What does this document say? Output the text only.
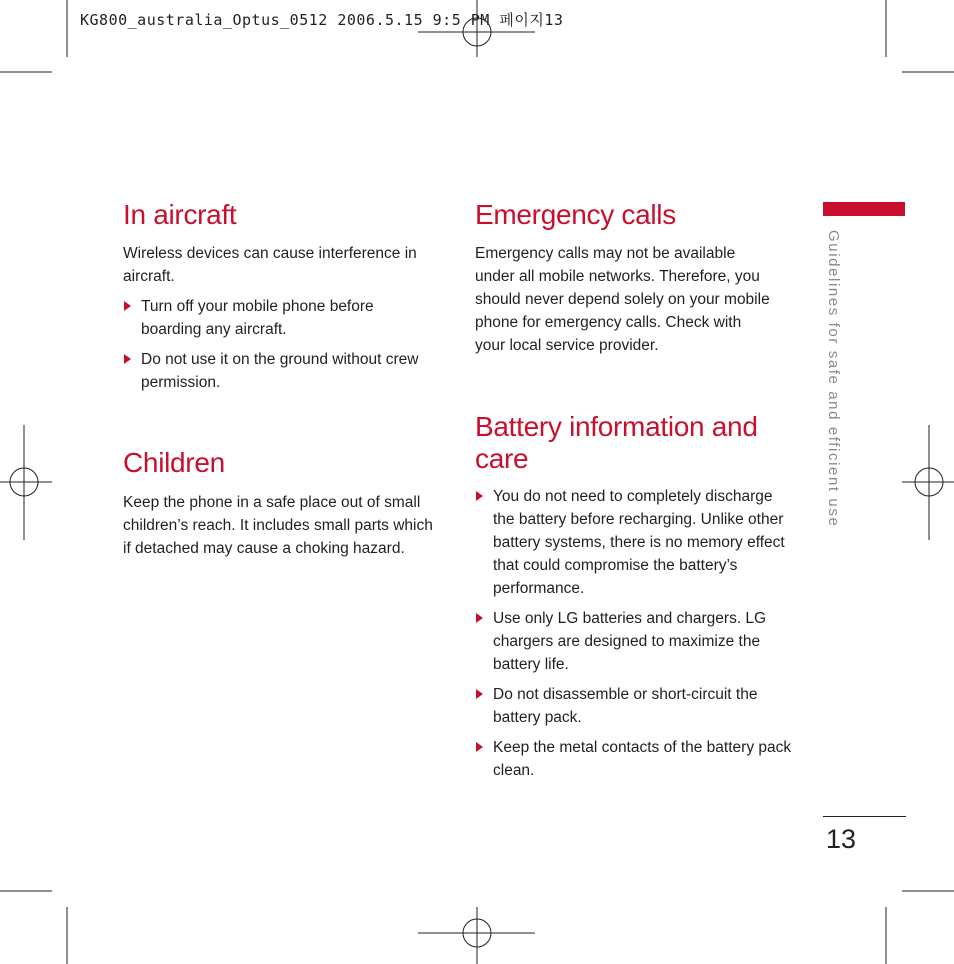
KG800_australia_Optus_0512 2006.5.15 9:5 PM 페이지13
In aircraft

Wireless devices can cause interference in aircraft.

Turn off your mobile phone before boarding any aircraft.
Do not use it on the ground without crew permission.
Children

Keep the phone in a safe place out of small children’s reach. It includes small parts which if detached may cause a choking hazard.

Emergency calls

Emergency calls may not be available under all mobile networks. Therefore, you should never depend solely on your mobile phone for emergency calls. Check with your local service provider.

Battery information and care
You do not need to completely discharge the battery before recharging. Unlike other battery systems, there is no memory effect that could compromise the battery’s performance.
Use only LG batteries and chargers. LG chargers are designed to maximize the battery life.
Do not disassemble or short-circuit the battery pack.
Keep the metal contacts of the battery pack clean.
Guidelines for safe and efficient use
13
